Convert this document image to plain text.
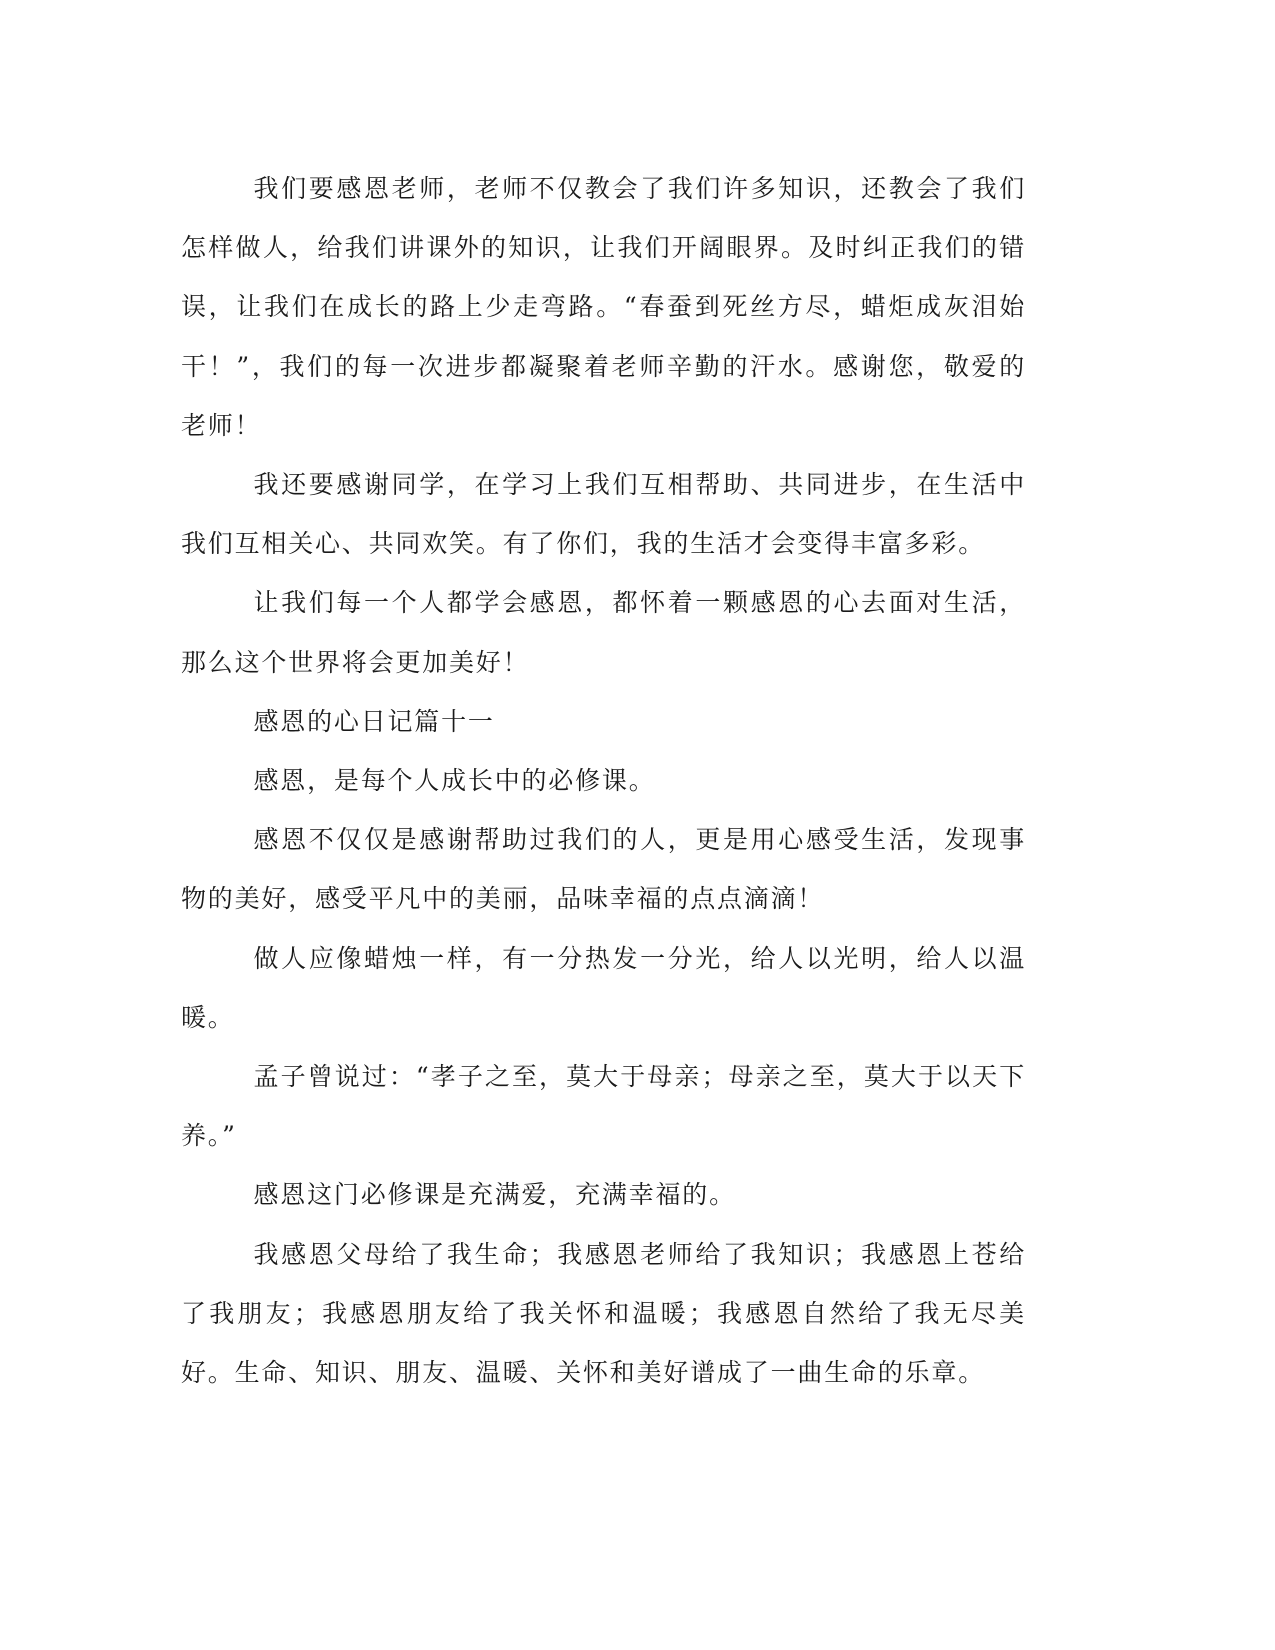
我们要感恩老师，老师不仅教会了我们许多知识，还教会了我们怎样做人，给我们讲课外的知识，让我们开阔眼界。及时纠正我们的错误，让我们在成长的路上少走弯路。“春蚕到死丝方尽，蜡炬成灰泪始干！”，我们的每一次进步都凝聚着老师辛勤的汗水。感谢您，敬爱的老师！

我还要感谢同学，在学习上我们互相帮助、共同进步，在生活中我们互相关心、共同欢笑。有了你们，我的生活才会变得丰富多彩。

让我们每一个人都学会感恩，都怀着一颗感恩的心去面对生活，那么这个世界将会更加美好！

感恩的心日记篇十一

感恩，是每个人成长中的必修课。

感恩不仅仅是感谢帮助过我们的人，更是用心感受生活，发现事物的美好，感受平凡中的美丽，品味幸福的点点滴滴！

做人应像蜡烛一样，有一分热发一分光，给人以光明，给人以温暖。

孟子曾说过：“孝子之至，莫大于母亲；母亲之至，莫大于以天下养。”

感恩这门必修课是充满爱，充满幸福的。

我感恩父母给了我生命；我感恩老师给了我知识；我感恩上苍给了我朋友；我感恩朋友给了我关怀和温暖；我感恩自然给了我无尽美好。生命、知识、朋友、温暖、关怀和美好谱成了一曲生命的乐章。
